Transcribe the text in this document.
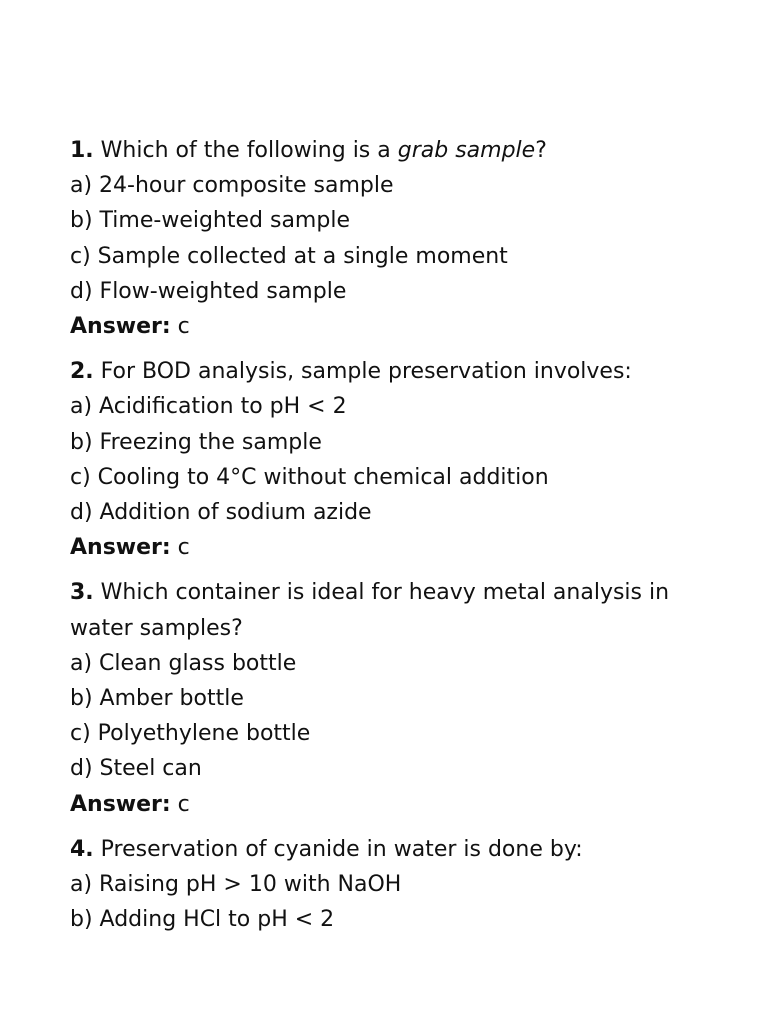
1. Which of the following is a grab sample?
a) 24-hour composite sample
b) Time-weighted sample
c) Sample collected at a single moment
d) Flow-weighted sample
Answer: c
2. For BOD analysis, sample preservation involves:
a) Acidification to pH < 2
b) Freezing the sample
c) Cooling to 4°C without chemical addition
d) Addition of sodium azide
Answer: c
3. Which container is ideal for heavy metal analysis in water samples?
a) Clean glass bottle
b) Amber bottle
c) Polyethylene bottle
d) Steel can
Answer: c
4. Preservation of cyanide in water is done by:
a) Raising pH > 10 with NaOH
b) Adding HCl to pH < 2
